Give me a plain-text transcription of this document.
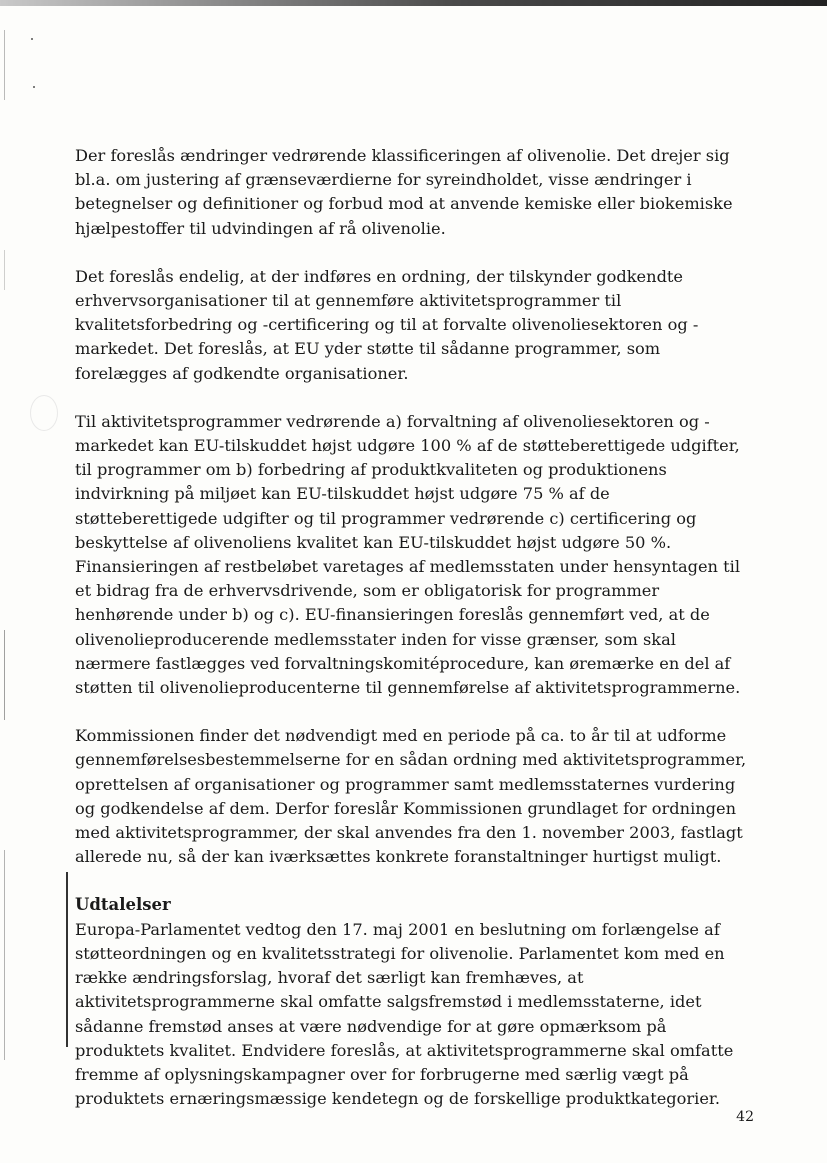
Der foreslås ændringer vedrørende klassificeringen af olivenolie. Det drejer sig bl.a. om justering af grænseværdierne for syreindholdet, visse ændringer i betegnelser og definitioner og forbud mod at anvende kemiske eller biokemiske hjælpestoffer til udvindingen af rå olivenolie.

Det foreslås endelig, at der indføres en ordning, der tilskynder godkendte erhvervsorganisationer til at gennemføre aktivitetsprogrammer til kvalitetsforbedring og -certificering og til at forvalte olivenoliesektoren og -markedet. Det foreslås, at EU yder støtte til sådanne programmer, som forelægges af godkendte organisationer.

Til aktivitetsprogrammer vedrørende a) forvaltning af olivenoliesektoren og -markedet kan EU-tilskuddet højst udgøre 100 % af de støtteberettigede udgifter, til programmer om b) forbedring af produktkvaliteten og produktionens indvirkning på miljøet kan EU-tilskuddet højst udgøre 75 % af de støtteberettigede udgifter og til programmer vedrørende c) certificering og beskyttelse af olivenoliens kvalitet kan EU-tilskuddet højst udgøre 50 %. Finansieringen af restbeløbet varetages af medlemsstaten under hensyntagen til et bidrag fra de erhvervsdrivende, som er obligatorisk for programmer henhørende under b) og c). EU-finansieringen foreslås gennemført ved, at de olivenolieproducerende medlemsstater inden for visse grænser, som skal nærmere fastlægges ved forvaltningskomitéprocedure, kan øremærke en del af støtten til olivenolieproducenterne til gennemførelse af aktivitetsprogrammerne.

Kommissionen finder det nødvendigt med en periode på ca. to år til at udforme gennemførelsesbestemmelserne for en sådan ordning med aktivitetsprogrammer, oprettelsen af organisationer og programmer samt medlemsstaternes vurdering og godkendelse af dem. Derfor foreslår Kommissionen grundlaget for ordningen med aktivitetsprogrammer, der skal anvendes fra den 1. november 2003, fastlagt allerede nu, så der kan iværksættes konkrete foranstaltninger hurtigst muligt.

Udtalelser

Europa-Parlamentet vedtog den 17. maj 2001 en beslutning om forlængelse af støtteordningen og en kvalitetsstrategi for olivenolie. Parlamentet kom med en række ændringsforslag, hvoraf det særligt kan fremhæves, at aktivitetsprogrammerne skal omfatte salgsfremstød i medlemsstaterne, idet sådanne fremstød anses at være nødvendige for at gøre opmærksom på produktets kvalitet. Endvidere foreslås, at aktivitetsprogrammerne skal omfatte fremme af oplysningskampagner over for forbrugerne med særlig vægt på produktets ernæringsmæssige kendetegn og de forskellige produktkategorier.

42
